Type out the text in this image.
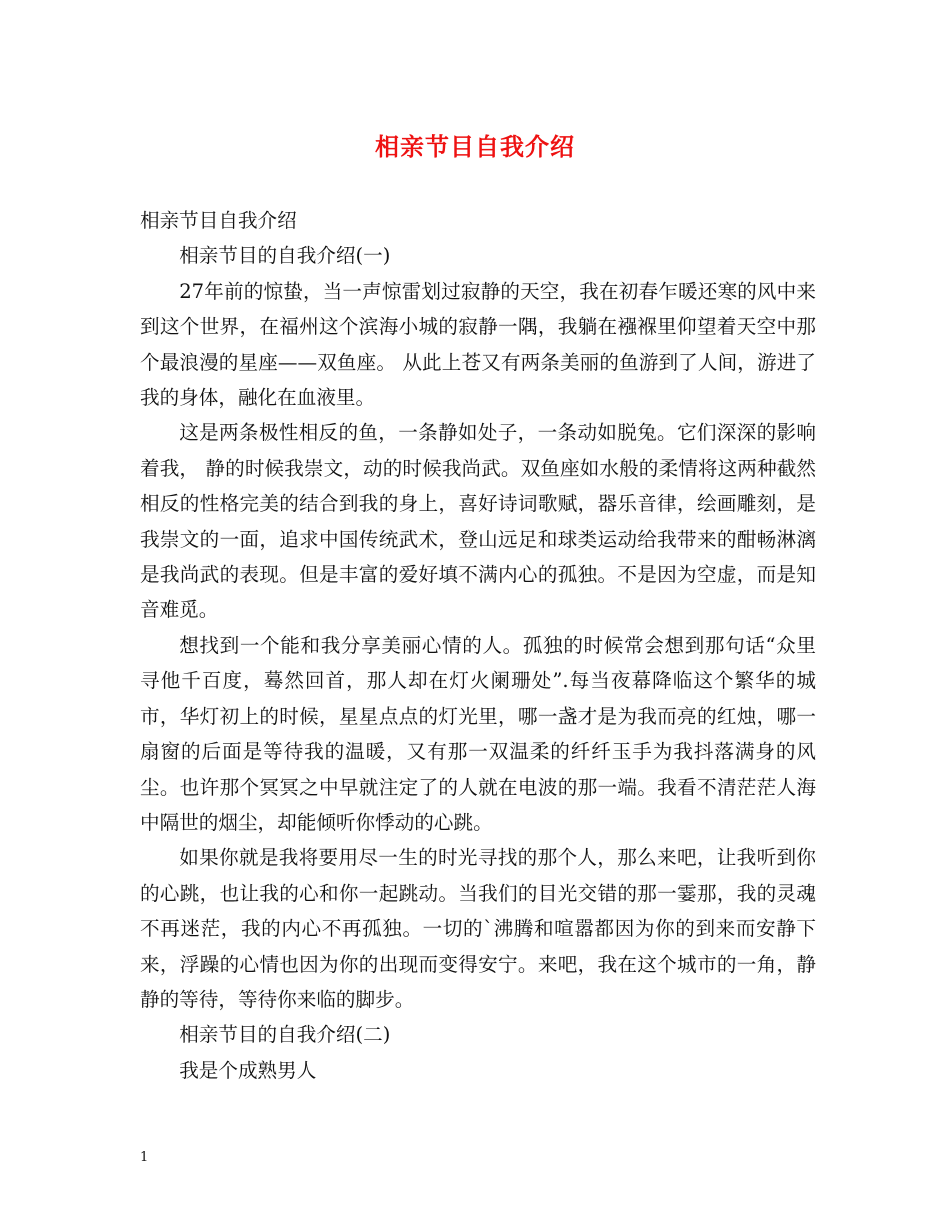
相亲节目自我介绍

相亲节目自我介绍

相亲节目的自我介绍(一)

27年前的惊蛰，当一声惊雷划过寂静的天空，我在初春乍暖还寒的风中来到这个世界，在福州这个滨海小城的寂静一隅，我躺在襁褓里仰望着天空中那个最浪漫的星座——双鱼座。 从此上苍又有两条美丽的鱼游到了人间，游进了我的身体，融化在血液里。

这是两条极性相反的鱼，一条静如处子，一条动如脱兔。它们深深的影响着我， 静的时候我崇文，动的时候我尚武。双鱼座如水般的柔情将这两种截然相反的性格完美的结合到我的身上，喜好诗词歌赋，器乐音律，绘画雕刻，是我崇文的一面，追求中国传统武术，登山远足和球类运动给我带来的酣畅淋漓是我尚武的表现。但是丰富的爱好填不满内心的孤独。不是因为空虚，而是知音难觅。

想找到一个能和我分享美丽心情的人。孤独的时候常会想到那句话“众里寻他千百度，蓦然回首，那人却在灯火阑珊处”.每当夜幕降临这个繁华的城市，华灯初上的时候，星星点点的灯光里，哪一盏才是为我而亮的红烛，哪一扇窗的后面是等待我的温暖，又有那一双温柔的纤纤玉手为我抖落满身的风尘。也许那个冥冥之中早就注定了的人就在电波的那一端。我看不清茫茫人海中隔世的烟尘，却能倾听你悸动的心跳。

如果你就是我将要用尽一生的时光寻找的那个人，那么来吧，让我听到你的心跳，也让我的心和你一起跳动。当我们的目光交错的那一霎那，我的灵魂不再迷茫，我的内心不再孤独。一切的`沸腾和喧嚣都因为你的到来而安静下来，浮躁的心情也因为你的出现而变得安宁。来吧，我在这个城市的一角，静静的等待，等待你来临的脚步。

相亲节目的自我介绍(二)

我是个成熟男人

1
